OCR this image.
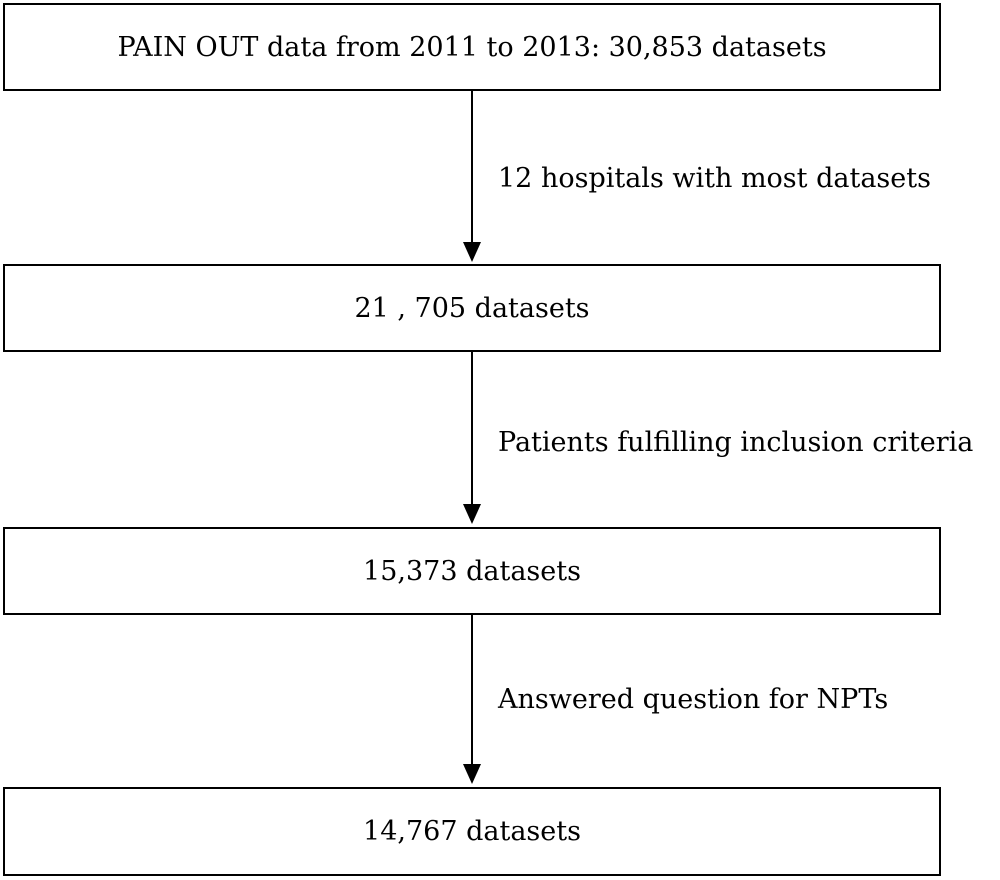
PAIN OUT data from 2011 to 2013: 30,853 datasets
12 hospitals with most datasets
21 , 705 datasets
Patients fulfilling inclusion criteria
15,373 datasets
Answered question for NPTs
14,767 datasets
